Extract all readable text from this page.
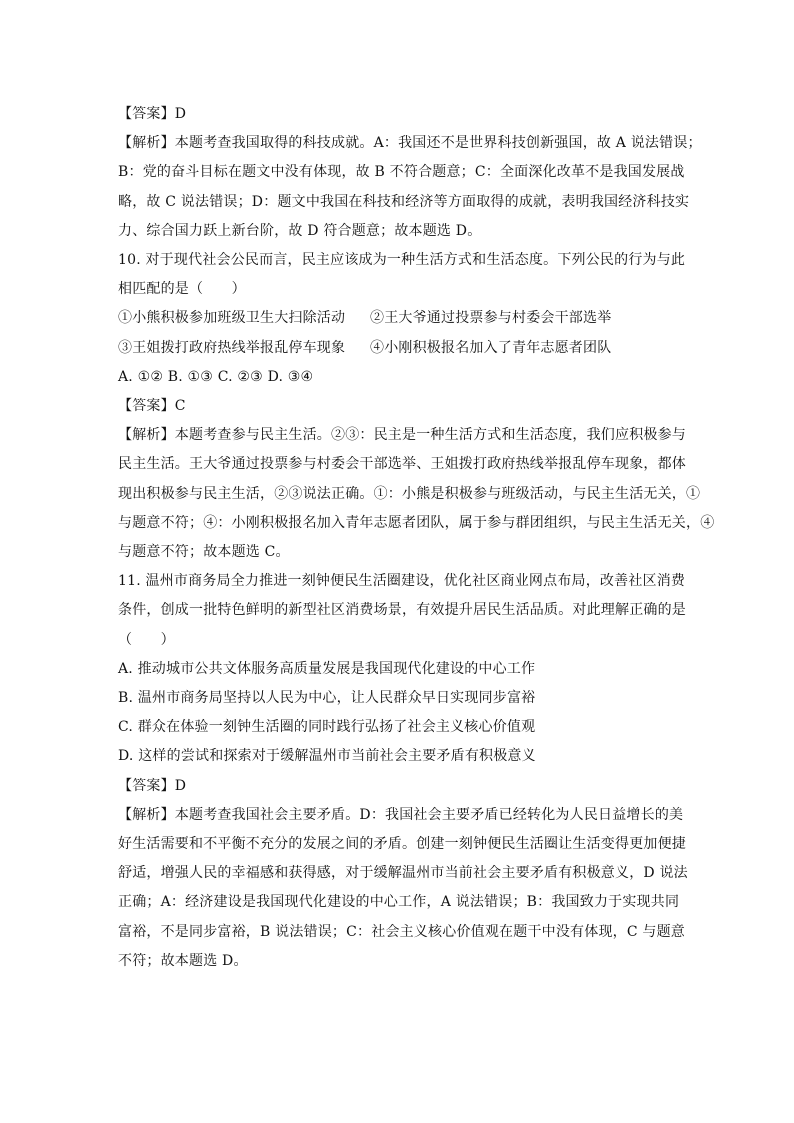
【答案】D
【解析】本题考查我国取得的科技成就。A：我国还不是世界科技创新强国，故 A 说法错误；
B：党的奋斗目标在题文中没有体现，故 B 不符合题意；C：全面深化改革不是我国发展战
略，故 C 说法错误；D：题文中我国在科技和经济等方面取得的成就，表明我国经济科技实
力、综合国力跃上新台阶，故 D 符合题意；故本题选 D。
10. 对于现代社会公民而言，民主应该成为一种生活方式和生活态度。下列公民的行为与此
相匹配的是（　　）
①小熊积极参加班级卫生大扫除活动	②王大爷通过投票参与村委会干部选举
③王姐拨打政府热线举报乱停车现象	④小刚积极报名加入了青年志愿者团队
A. ①② B. ①③ C. ②③ D. ③④
【答案】C
【解析】本题考查参与民主生活。②③：民主是一种生活方式和生活态度，我们应积极参与
民主生活。王大爷通过投票参与村委会干部选举、王姐拨打政府热线举报乱停车现象，都体
现出积极参与民主生活，②③说法正确。①：小熊是积极参与班级活动，与民主生活无关，①
与题意不符；④：小刚积极报名加入青年志愿者团队，属于参与群团组织，与民主生活无关，④
与题意不符；故本题选 C。
11. 温州市商务局全力推进一刻钟便民生活圈建设，优化社区商业网点布局，改善社区消费
条件，创成一批特色鲜明的新型社区消费场景，有效提升居民生活品质。对此理解正确的是
（　　）
A. 推动城市公共文体服务高质量发展是我国现代化建设的中心工作
B. 温州市商务局坚持以人民为中心，让人民群众早日实现同步富裕
C. 群众在体验一刻钟生活圈的同时践行弘扬了社会主义核心价值观
D. 这样的尝试和探索对于缓解温州市当前社会主要矛盾有积极意义
【答案】D
【解析】本题考查我国社会主要矛盾。D：我国社会主要矛盾已经转化为人民日益增长的美
好生活需要和不平衡不充分的发展之间的矛盾。创建一刻钟便民生活圈让生活变得更加便捷
舒适，增强人民的幸福感和获得感，对于缓解温州市当前社会主要矛盾有积极意义，D 说法
正确；A：经济建设是我国现代化建设的中心工作，A 说法错误；B：我国致力于实现共同
富裕，不是同步富裕，B 说法错误；C：社会主义核心价值观在题干中没有体现，C 与题意
不符；故本题选 D。
